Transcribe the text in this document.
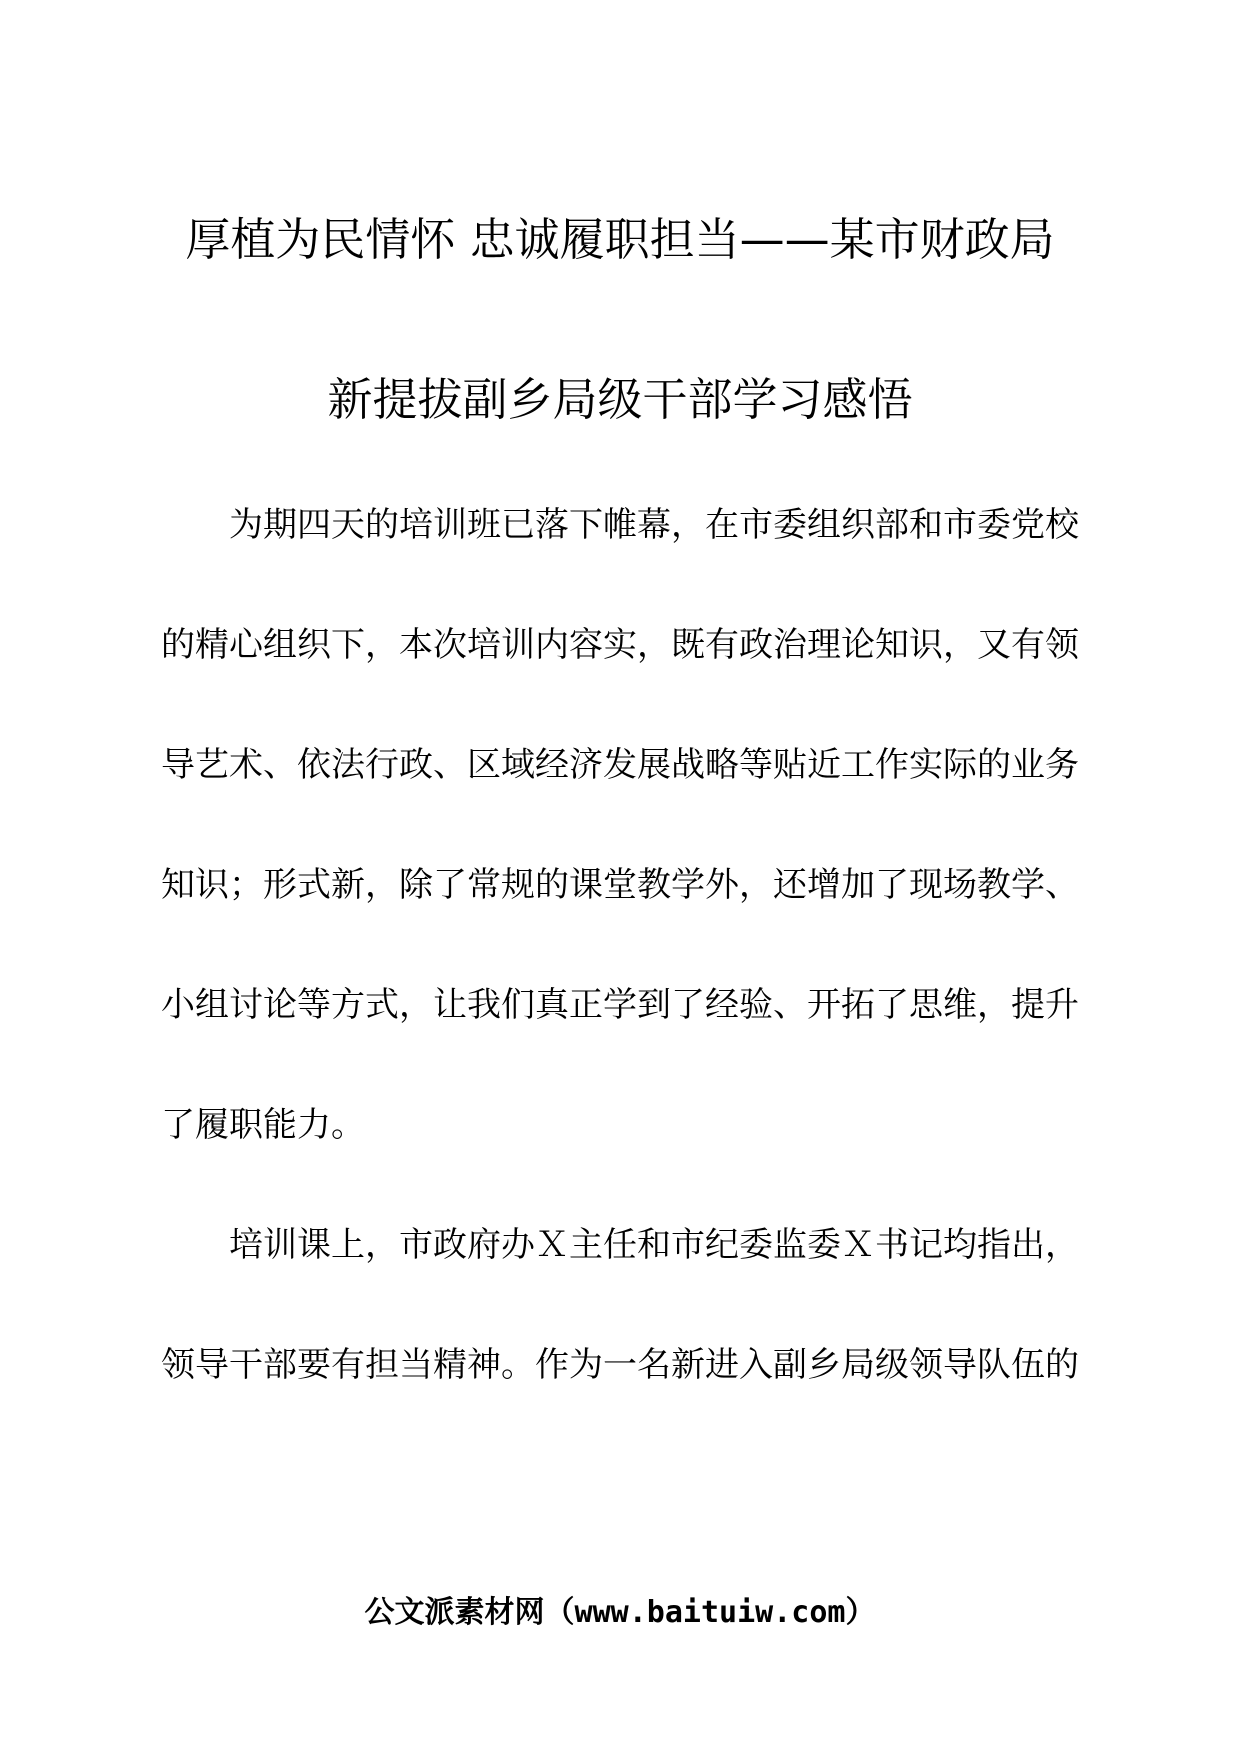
厚植为民情怀 忠诚履职担当——某市财政局
新提拔副乡局级干部学习感悟
　　为期四天的培训班已落下帷幕，在市委组织部和市委党校
的精心组织下，本次培训内容实，既有政治理论知识，又有领
导艺术、依法行政、区域经济发展战略等贴近工作实际的业务
知识；形式新，除了常规的课堂教学外，还增加了现场教学、
小组讨论等方式，让我们真正学到了经验、开拓了思维，提升
了履职能力。
　　培训课上，市政府办Ｘ主任和市纪委监委Ｘ书记均指出，
领导干部要有担当精神。作为一名新进入副乡局级领导队伍的
公文派素材网（www.baituiw.com）
